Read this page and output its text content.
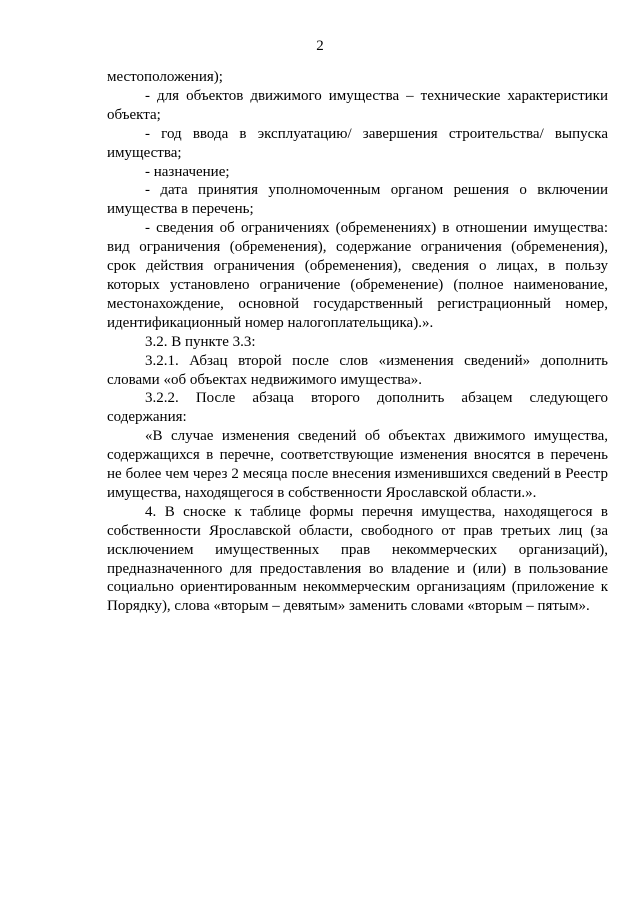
2

местоположения);

- для объектов движимого имущества – технические характеристики объекта;

- год ввода в эксплуатацию/ завершения строительства/ выпуска имущества;

- назначение;

- дата принятия уполномоченным органом решения о включении имущества в перечень;

- сведения об ограничениях (обременениях) в отношении имущества: вид ограничения (обременения), содержание ограничения (обременения), срок действия ограничения (обременения), сведения о лицах, в пользу которых установлено ограничение (обременение) (полное наименование, местонахождение, основной государственный регистрационный номер, идентификационный номер налогоплательщика).».

3.2. В пункте 3.3:

3.2.1. Абзац второй после слов «изменения сведений» дополнить словами «об объектах недвижимого имущества».

3.2.2. После абзаца второго дополнить абзацем следующего содержания:

«В случае изменения сведений об объектах движимого имущества, содержащихся в перечне, соответствующие изменения вносятся в перечень не более чем через 2 месяца после внесения изменившихся сведений в Реестр имущества, находящегося в собственности Ярославской области.».

4. В сноске к таблице формы перечня имущества, находящегося в собственности Ярославской области, свободного от прав третьих лиц (за исключением имущественных прав некоммерческих организаций), предназначенного для предоставления во владение и (или) в пользование социально ориентированным некоммерческим организациям (приложение к Порядку), слова «вторым – девятым» заменить словами «вторым – пятым».
